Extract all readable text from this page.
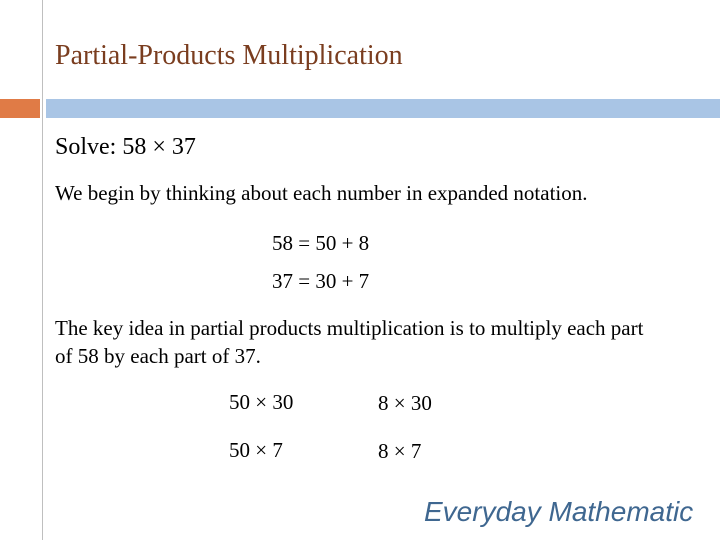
Partial-Products Multiplication
Solve: 58 × 37
We begin by thinking about each number in expanded notation.
58 = 50 + 8
37 = 30 + 7
The key idea in partial products multiplication is to multiply each part of 58 by each part of 37.
50 × 30	8 × 30
50 × 7	8 × 7
Everyday Mathematic
